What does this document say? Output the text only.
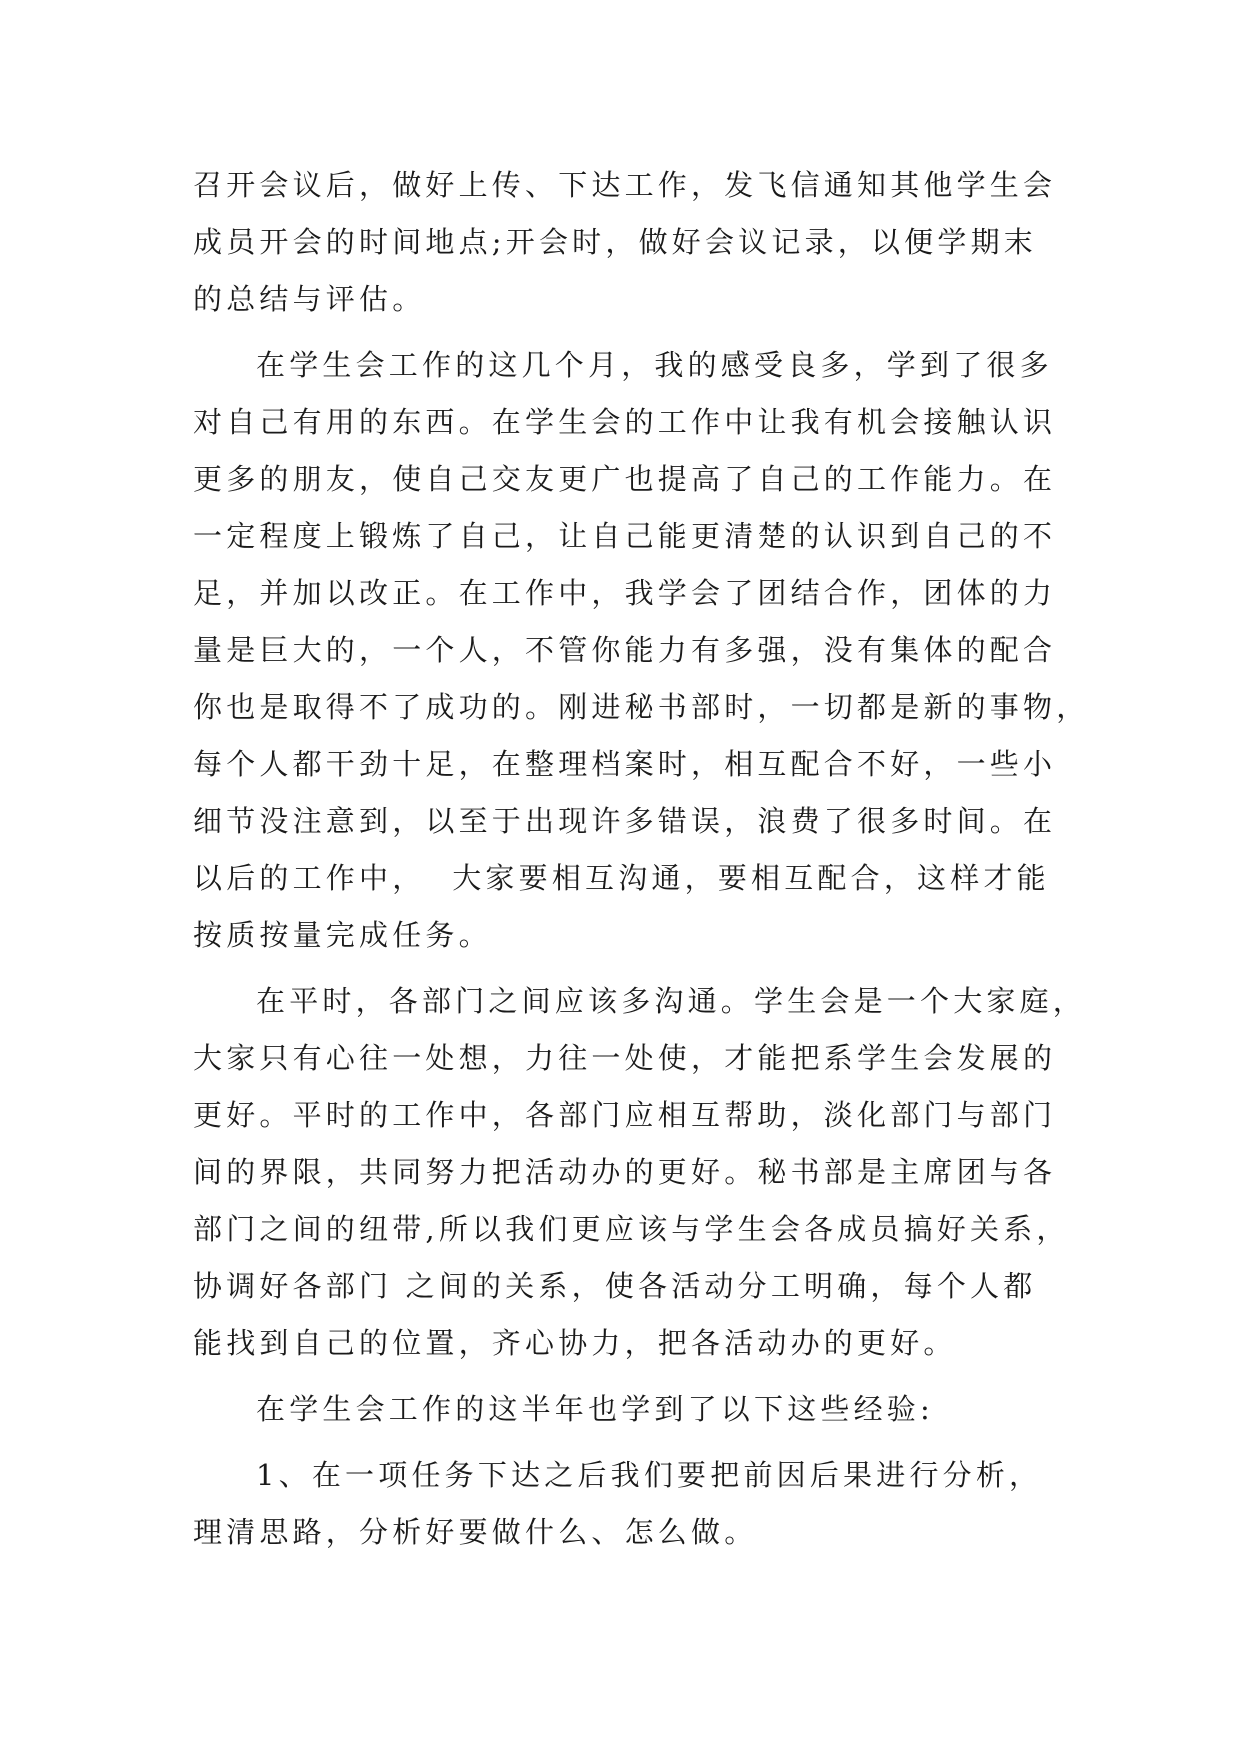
召开会议后，做好上传、下达工作，发飞信通知其他学生会
成员开会的时间地点;开会时，做好会议记录，以便学期末
的总结与评估。
在学生会工作的这几个月，我的感受良多，学到了很多
对自己有用的东西。在学生会的工作中让我有机会接触认识
更多的朋友，使自己交友更广也提高了自己的工作能力。在
一定程度上锻炼了自己，让自己能更清楚的认识到自己的不
足，并加以改正。在工作中，我学会了团结合作，团体的力
量是巨大的，一个人，不管你能力有多强，没有集体的配合
你也是取得不了成功的。刚进秘书部时，一切都是新的事物，
每个人都干劲十足，在整理档案时，相互配合不好，一些小
细节没注意到，以至于出现许多错误，浪费了很多时间。在
以后的工作中，  大家要相互沟通，要相互配合，这样才能
按质按量完成任务。
在平时，各部门之间应该多沟通。学生会是一个大家庭，
大家只有心往一处想，力往一处使，才能把系学生会发展的
更好。平时的工作中，各部门应相互帮助，淡化部门与部门
间的界限，共同努力把活动办的更好。秘书部是主席团与各
部门之间的纽带,所以我们更应该与学生会各成员搞好关系，
协调好各部门 之间的关系，使各活动分工明确，每个人都
能找到自己的位置，齐心协力，把各活动办的更好。
在学生会工作的这半年也学到了以下这些经验:
1、在一项任务下达之后我们要把前因后果进行分析，
理清思路，分析好要做什么、怎么做。
